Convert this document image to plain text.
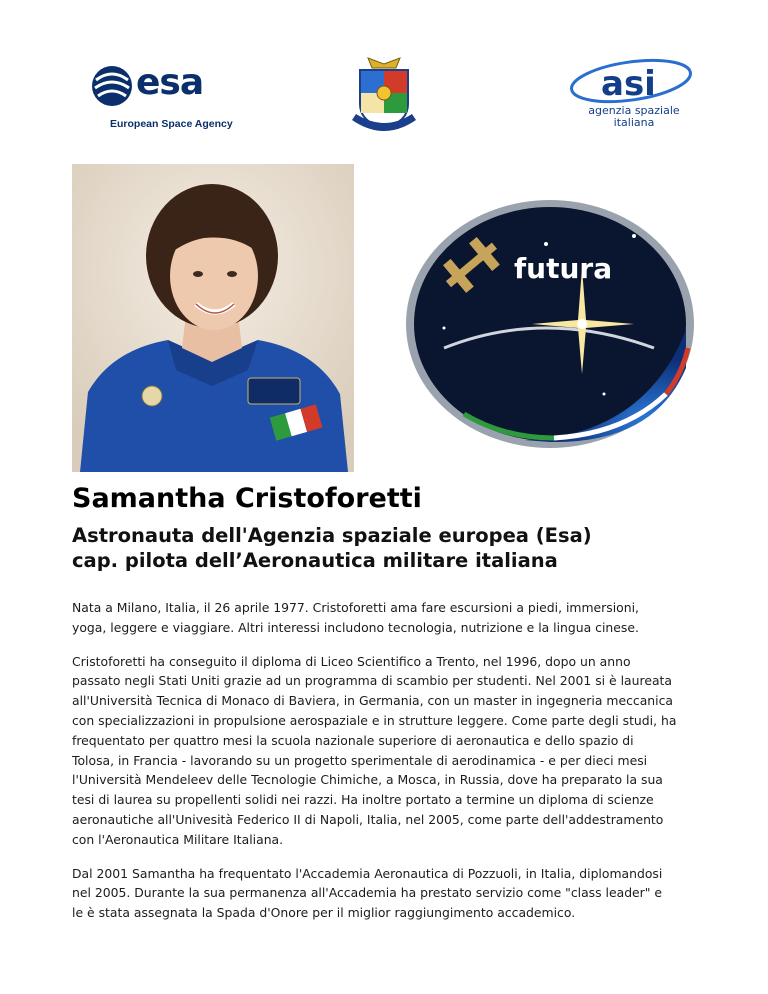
esa
European Space Agency
asi
agenzia spaziale
italiana
futura
Samantha Cristoforetti
Astronauta dell'Agenzia spaziale europea (Esa)
cap. pilota dell’Aeronautica militare italiana

Nata a Milano, Italia, il 26 aprile 1977. Cristoforetti ama fare escursioni a piedi, immersioni,
yoga, leggere e viaggiare. Altri interessi includono tecnologia, nutrizione e la lingua cinese.

Cristoforetti ha conseguito il diploma di Liceo Scientifico a Trento, nel 1996, dopo un anno
passato negli Stati Uniti grazie ad un programma di scambio per studenti. Nel 2001 si è laureata
all'Università Tecnica di Monaco di Baviera, in Germania, con un master in ingegneria meccanica
con specializzazioni in propulsione aerospaziale e in strutture leggere. Come parte degli studi, ha
frequentato per quattro mesi la scuola nazionale superiore di aeronautica e dello spazio di
Tolosa, in Francia - lavorando su un progetto sperimentale di aerodinamica - e per dieci mesi
l'Università Mendeleev delle Tecnologie Chimiche, a Mosca, in Russia, dove ha preparato la sua
tesi di laurea su propellenti solidi nei razzi. Ha inoltre portato a termine un diploma di scienze
aeronautiche all'Univesità Federico II di Napoli, Italia, nel 2005, come parte dell'addestramento
con l'Aeronautica Militare Italiana.

Dal 2001 Samantha ha frequentato l'Accademia Aeronautica di Pozzuoli, in Italia, diplomandosi
nel 2005. Durante la sua permanenza all'Accademia ha prestato servizio come "class leader" e
le è stata assegnata la Spada d'Onore per il miglior raggiungimento accademico.
